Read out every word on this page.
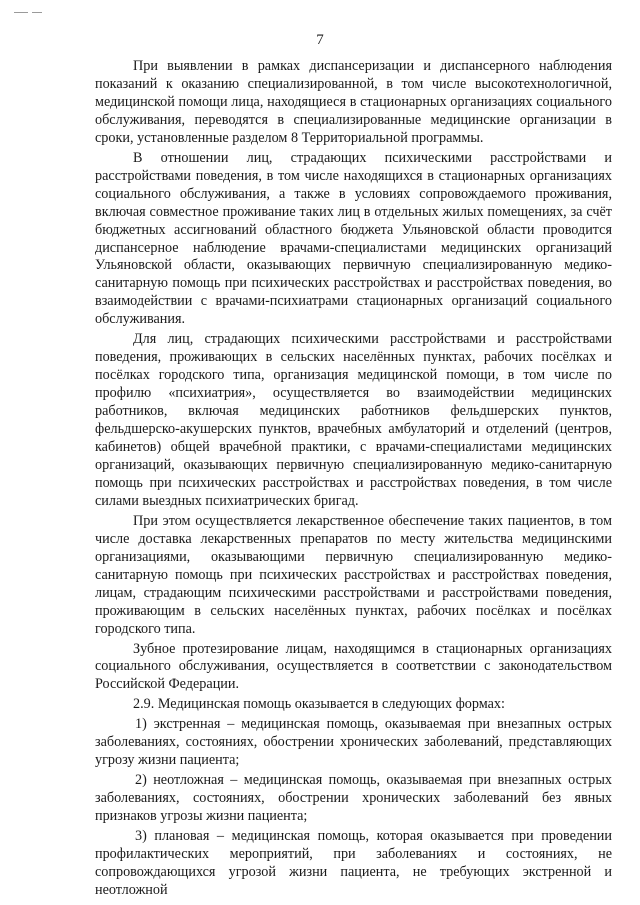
7

При выявлении в рамках диспансеризации и диспансерного наблюдения показаний к оказанию специализированной, в том числе высокотехнологичной, медицинской помощи лица, находящиеся в стационарных организациях социального обслуживания, переводятся в специализированные медицинские организации в сроки, установленные разделом 8 Территориальной программы.

В отношении лиц, страдающих психическими расстройствами и расстройствами поведения, в том числе находящихся в стационарных организациях социального обслуживания, а также в условиях сопровождаемого проживания, включая совместное проживание таких лиц в отдельных жилых помещениях, за счёт бюджетных ассигнований областного бюджета Ульяновской области проводится диспансерное наблюдение врачами-специалистами медицинских организаций Ульяновской области, оказывающих первичную специализированную медико-санитарную помощь при психических расстройствах и расстройствах поведения, во взаимодействии с врачами-психиатрами стационарных организаций социального обслуживания.

Для лиц, страдающих психическими расстройствами и расстройствами поведения, проживающих в сельских населённых пунктах, рабочих посёлках и посёлках городского типа, организация медицинской помощи, в том числе по профилю «психиатрия», осуществляется во взаимодействии медицинских работников, включая медицинских работников фельдшерских пунктов, фельдшерско-акушерских пунктов, врачебных амбулаторий и отделений (центров, кабинетов) общей врачебной практики, с врачами-специалистами медицинских организаций, оказывающих первичную специализированную медико-санитарную помощь при психических расстройствах и расстройствах поведения, в том числе силами выездных психиатрических бригад.

При этом осуществляется лекарственное обеспечение таких пациентов, в том числе доставка лекарственных препаратов по месту жительства медицинскими организациями, оказывающими первичную специализированную медико-санитарную помощь при психических расстройствах и расстройствах поведения, лицам, страдающим психическими расстройствами и расстройствами поведения, проживающим в сельских населённых пунктах, рабочих посёлках и посёлках городского типа.

Зубное протезирование лицам, находящимся в стационарных организациях социального обслуживания, осуществляется в соответствии с законодательством Российской Федерации.

2.9. Медицинская помощь оказывается в следующих формах:

1) экстренная – медицинская помощь, оказываемая при внезапных острых заболеваниях, состояниях, обострении хронических заболеваний, представляющих угрозу жизни пациента;

2) неотложная – медицинская помощь, оказываемая при внезапных острых заболеваниях, состояниях, обострении хронических заболеваний без явных признаков угрозы жизни пациента;

3) плановая – медицинская помощь, которая оказывается при проведении профилактических мероприятий, при заболеваниях и состояниях, не сопровождающихся угрозой жизни пациента, не требующих экстренной и неотложной
